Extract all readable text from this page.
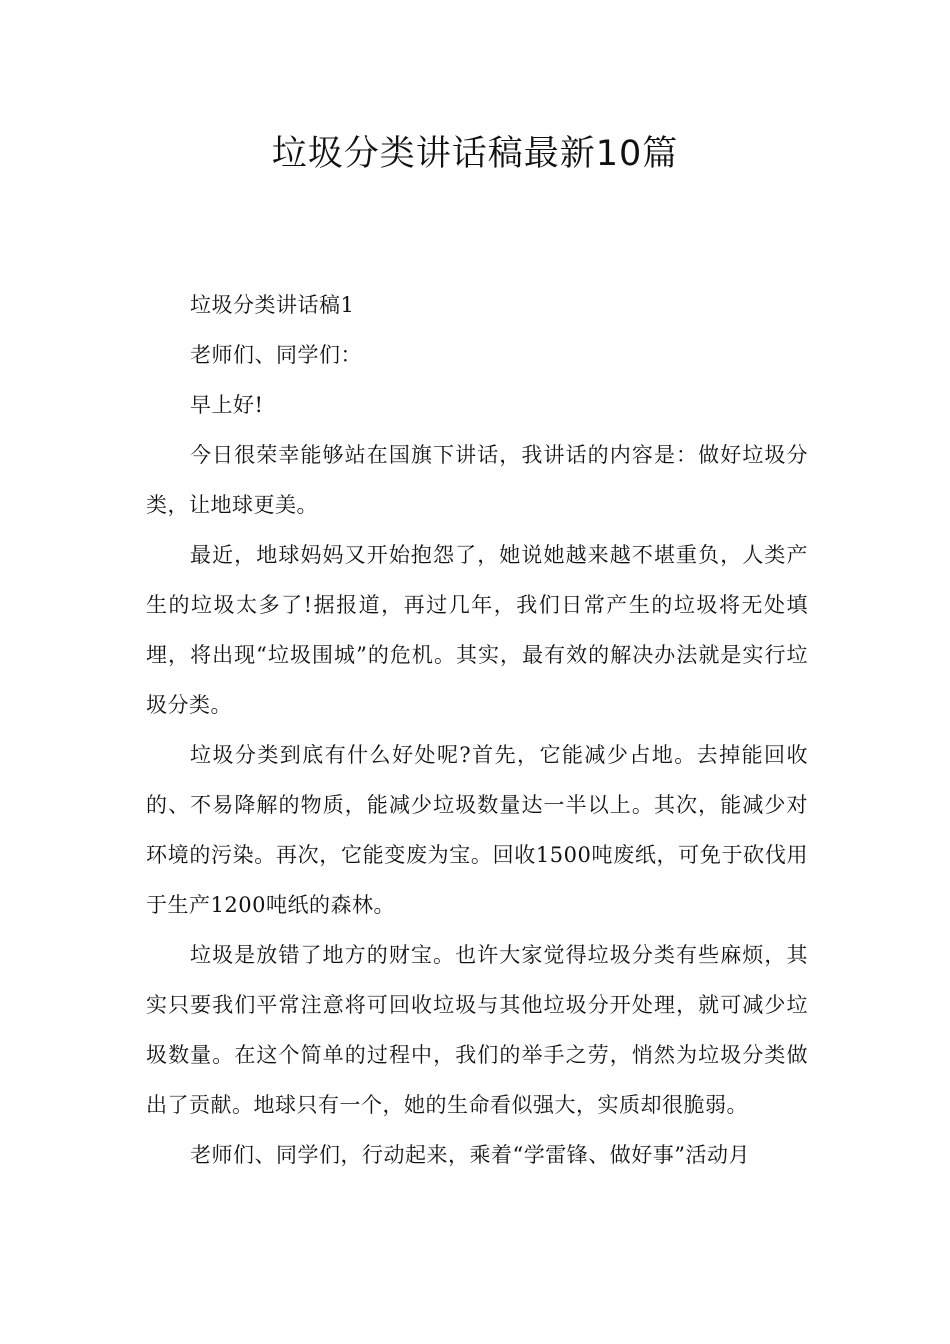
垃圾分类讲话稿最新10篇

垃圾分类讲话稿1

老师们、同学们：

早上好!

今日很荣幸能够站在国旗下讲话，我讲话的内容是：做好垃圾分类，让地球更美。

最近，地球妈妈又开始抱怨了，她说她越来越不堪重负，人类产生的垃圾太多了!据报道，再过几年，我们日常产生的垃圾将无处填埋，将出现“垃圾围城”的危机。其实，最有效的解决办法就是实行垃圾分类。

垃圾分类到底有什么好处呢?首先，它能减少占地。去掉能回收的、不易降解的物质，能减少垃圾数量达一半以上。其次，能减少对环境的污染。再次，它能变废为宝。回收1500吨废纸，可免于砍伐用于生产1200吨纸的森林。

垃圾是放错了地方的财宝。也许大家觉得垃圾分类有些麻烦，其实只要我们平常注意将可回收垃圾与其他垃圾分开处理，就可减少垃圾数量。在这个简单的过程中，我们的举手之劳，悄然为垃圾分类做出了贡献。地球只有一个，她的生命看似强大，实质却很脆弱。

老师们、同学们，行动起来，乘着“学雷锋、做好事”活动月
